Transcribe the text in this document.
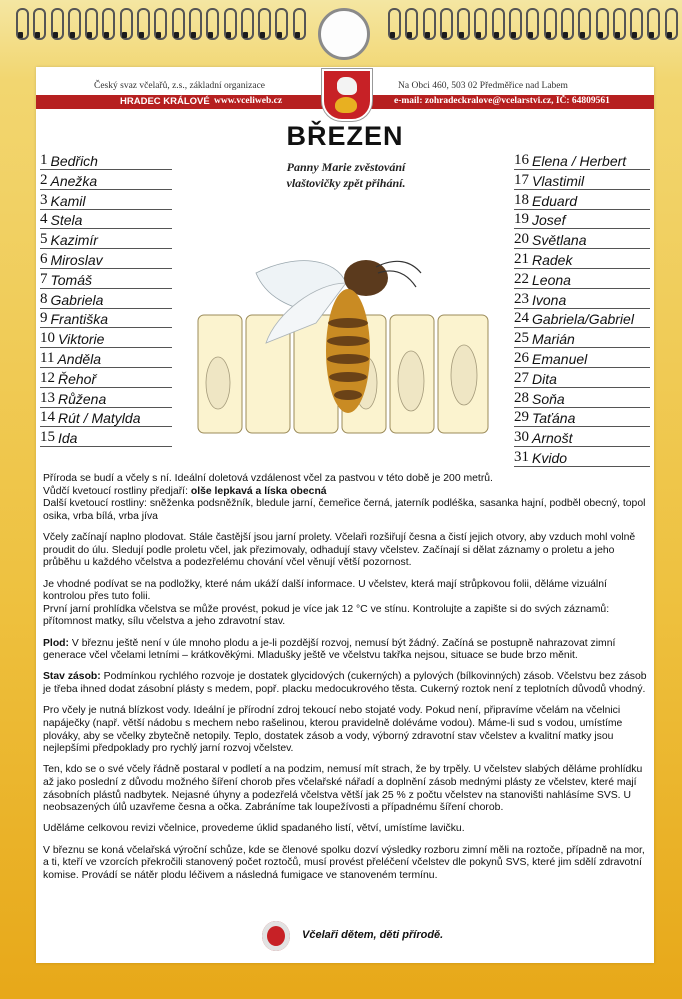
Český svaz včelařů, z.s., základní organizace	Na Obci 460, 503 02 Předměřice nad Labem
HRADEC KRÁLOVÉ www.vceliweb.cz	e-mail: zohradeckralove@vcelarstvi.cz, IČ: 64809561
BŘEZEN
Panny Marie zvěstování
vlaštovičky zpět přihání.
1 Bedřich
2 Anežka
3 Kamil
4 Stela
5 Kazimír
6 Miroslav
7 Tomáš
8 Gabriela
9 Františka
10 Viktorie
11 Anděla
12 Řehoř
13 Růžena
14 Rút / Matylda
15 Ida
16 Elena / Herbert
17 Vlastimil
18 Eduard
19 Josef
20 Světlana
21 Radek
22 Leona
23 Ivona
24 Gabriela/Gabriel
25 Marián
26 Emanuel
27 Dita
28 Soňa
29 Taťána
30 Arnošt
31 Kvido

Příroda se budí a včely s ní. Ideální doletová vzdálenost včel za pastvou v této době je 200 metrů.
Vůdčí kvetoucí rostliny předjaří: olše lepkavá a líska obecná
Další kvetoucí rostliny: sněženka podsněžník, bledule jarní, čemeřice černá, jaterník podléška, sasanka hajní, podběl obecný, topol osika, vrba bílá, vrba jíva

Včely začínají naplno plodovat. Stále častější jsou jarní prolety. Včelaři rozšiřují česna a čistí jejich otvory, aby vzduch mohl volně proudit do úlu. Sledují podle proletu včel, jak přezimovaly, odhadují stavy včelstev. Začínají si dělat záznamy o proletu a jeho průběhu u každého včelstva a podezřelému chování včel věnují větší pozornost.

Je vhodné podívat se na podložky, které nám ukáží další informace. U včelstev, která mají strůpkovou folii, děláme vizuální kontrolou přes tuto folii.
První jarní prohlídka včelstva se může provést, pokud je více jak 12 °C ve stínu. Kontrolujte a zapište si do svých záznamů: přítomnost matky, sílu včelstva a jeho zdravotní stav.

Plod: V březnu ještě není v úle mnoho plodu a je-li pozdější rozvoj, nemusí být žádný. Začíná se postupně nahrazovat zimní generace včel včelami letními – krátkověkými. Mladušky ještě ve včelstvu takřka nejsou, situace se bude brzo měnit.

Stav zásob: Podmínkou rychlého rozvoje je dostatek glycidových (cukerných) a pylových (bílkovinných) zásob. Včelstvu bez zásob je třeba ihned dodat zásobní plásty s medem, popř. placku medocukrového těsta. Cukerný roztok není z teplotních důvodů vhodný.

Pro včely je nutná blízkost vody. Ideální je přírodní zdroj tekoucí nebo stojaté vody. Pokud není, připravíme včelám na včelnici napáječky (např. větší nádobu s mechem nebo rašelinou, kterou pravidelně doléváme vodou). Máme-li sud s vodou, umístíme plováky, aby se včelky zbytečně netopily. Teplo, dostatek zásob a vody, výborný zdravotní stav včelstev a kvalitní matky jsou nejlepšími předpoklady pro rychlý jarní rozvoj včelstev.

Ten, kdo se o své včely řádně postaral v podletí a na podzim, nemusí mít strach, že by trpěly. U včelstev slabých děláme prohlídku až jako poslední z důvodu možného šíření chorob přes včelařské nářadí a doplnění zásob mednými plásty ze včelstev, které mají zásobních plástů nadbytek. Nejasné úhyny a podezřelá včelstva větší jak 25 % z počtu včelstev na stanovišti nahlásíme SVS. U neobsazených úlů uzavřeme česna a očka. Zabráníme tak loupežívosti a případnému šíření chorob.

Uděláme celkovou revizi včelnice, provedeme úklid spadaného listí, větví, umístíme lavičku.

V březnu se koná včelařská výroční schůze, kde se členové spolku dozví výsledky rozboru zimní měli na roztoče, případně na mor, a ti, kteří ve vzorcích překročili stanovený počet roztočů, musí provést přeléčení včelstev dle pokynů SVS, které jim sdělí zdravotní komise. Provádí se nátěr plodu léčivem a následná fumigace ve stanoveném termínu.

Včelaři dětem, děti přírodě.
